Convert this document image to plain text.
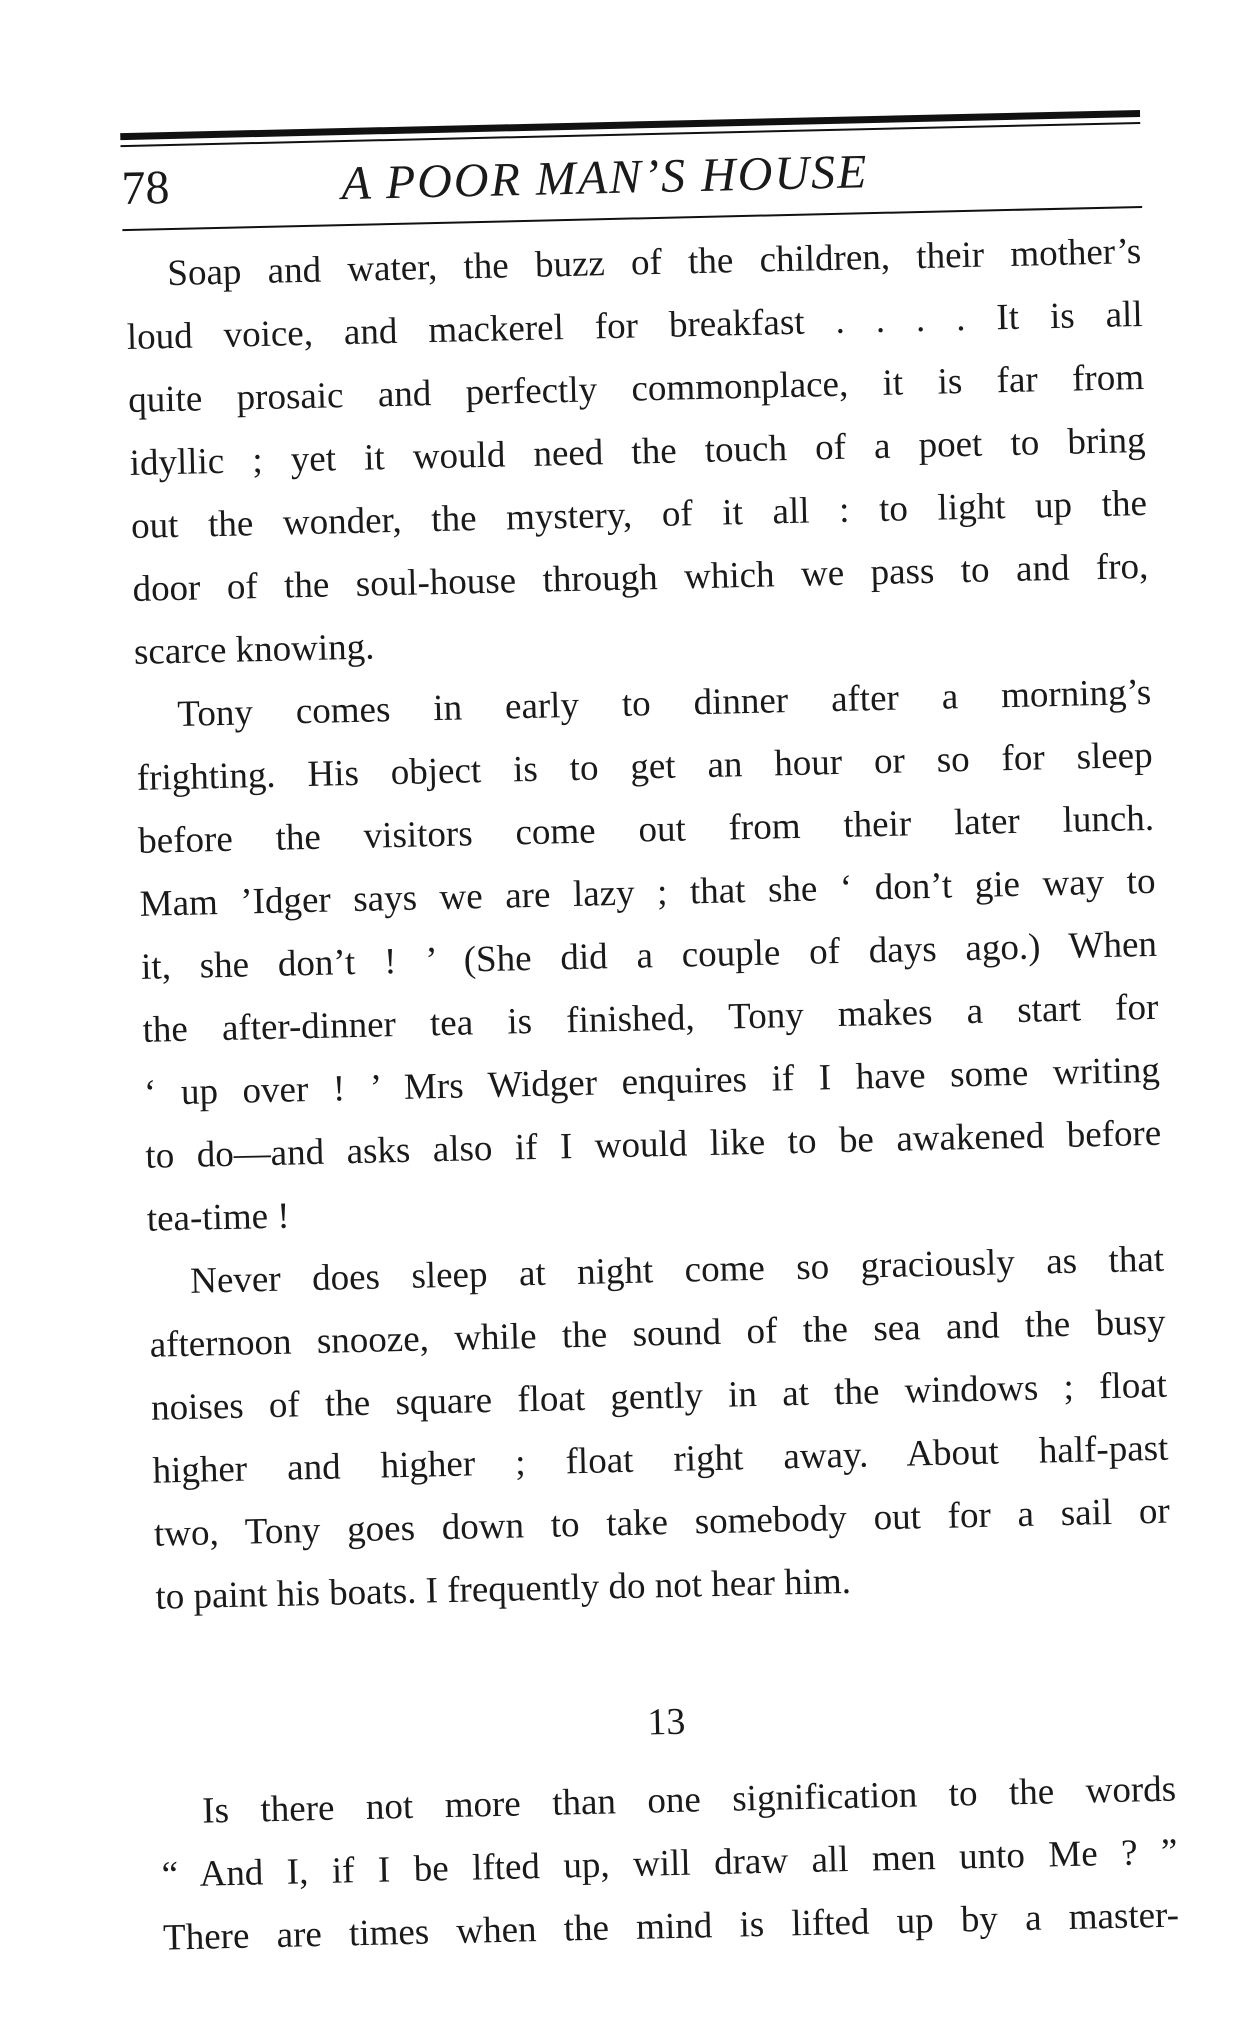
78	A POOR MAN’S HOUSE
Soap and water, the buzz of the children, their mother’s
loud voice, and mackerel for breakfast . . . . It is all
quite prosaic and perfectly commonplace, it is far from
idyllic ; yet it would need the touch of a poet to bring
out the wonder, the mystery, of it all : to light up the
door of the soul-house through which we pass to and fro,
scarce knowing.
Tony comes in early to dinner after a morning’s
frighting. His object is to get an hour or so for sleep
before the visitors come out from their later lunch.
Mam ’Idger says we are lazy ; that she ‘ don’t gie way to
it, she don’t ! ’ (She did a couple of days ago.) When
the after-dinner tea is finished, Tony makes a start for
‘ up over ! ’ Mrs Widger enquires if I have some writing
to do—and asks also if I would like to be awakened before
tea-time !
Never does sleep at night come so graciously as that
afternoon snooze, while the sound of the sea and the busy
noises of the square float gently in at the windows ; float
higher and higher ; float right away. About half-past
two, Tony goes down to take somebody out for a sail or
to paint his boats. I frequently do not hear him.
13
Is there not more than one signification to the words
“ And I, if I be lfted up, will draw all men unto Me ? ”
There are times when the mind is lifted up by a master-
